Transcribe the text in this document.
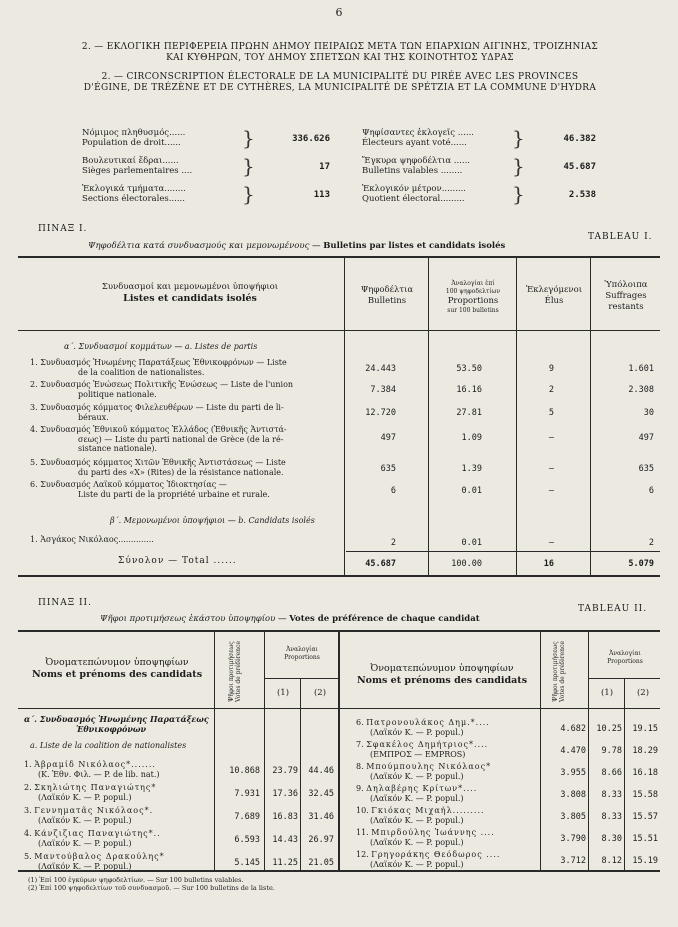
6
2. — ΕΚΛΟΓΙΚΗ ΠΕΡΙΦΕΡΕΙΑ ΠΡΩΗΝ ΔΗΜΟΥ ΠΕΙΡΑΙΩΣ ΜΕΤΑ ΤΩΝ ΕΠΑΡΧΙΩΝ ΑΙΓΙΝΗΣ, ΤΡΟΙΖΗΝΙΑΣ
ΚΑΙ ΚΥΘΗΡΩΝ, ΤΟΥ ΔΗΜΟΥ ΣΠΕΤΣΩΝ ΚΑΙ ΤΗΣ ΚΟΙΝΟΤΗΤΟΣ ΥΔΡΑΣ
2. — CIRCONSCRIPTION ÉLECTORALE DE LA MUNICIPALITÉ DU PIRÉE AVEC LES PROVINCES
D'ÉGINE, DE TRÉZÈNE ET DE CYTHÈRES, LA MUNICIPALITÉ DE SPÉTZIA ET LA COMMUNE D'HYDRA
Νόμιμος πληθυσμός......
Population de droit......	}	336.626
Βουλευτικαί ἕδραι......
Sièges parlementaires ....	}	17
Ἐκλογικά τμήματα........
Sections électorales......	}	113
Ψηφίσαντες ἐκλογεῖς ......
Électeurs ayant voté......	}	46.382
Ἔγκυρα ψηφοδέλτια ......
Bulletins valables ........	}	45.687
Ἐκλογικόν μέτρον.........
Quotient électoral.........	}	2.538
ΠΙΝΑΞ Ι.
TABLEAU I.
Ψηφοδέλτια κατά συνδυασμούς και μεμονωμένους — Bulletins par listes et candidats isolés
Συνδυασμοί και μεμονωμένοι ὑποψήφιοι
Listes et candidats isolés
Ψηφοδέλτια
Bulletins
Ἀναλογίαι ἐπί
100 ψηφοδελτίων
Proportions
sur 100 bulletins
Ἐκλεγόμενοι
Élus
Ὑπόλοιπα
Suffrages
restants
α΄. Συνδυασμοί κομμάτων — a. Listes de partis
1. Συνδυασμός Ἡνωμένης Παρατάξεως Ἐθνικοφρόνων — Liste
de la coalition de nationalistes.	24.443	53.50	9	1.601
2. Συνδυασμός Ἑνώσεως Πολιτικῆς Ἑνώσεως — Liste de l'union
politique nationale.	7.384	16.16	2	2.308
3. Συνδυασμός κόμματος Φιλελευθέρων — Liste du parti de li-
béraux.	12.720	27.81	5	30
4. Συνδυασμός Ἐθνικοῦ κόμματος Ἑλλάδος (Ἐθνικῆς Ἀντιστά-
σεως) — Liste du parti national de Grèce (de la ré-
sistance nationale).
497	1.09	—	497
5. Συνδυασμός κόμματος Χιτῶν Ἐθνικῆς Ἀντιστάσεως — Liste
du parti des «X» (Rites) de la résistance nationale.	635	1.39	—	635
6. Συνδυασμός Λαϊκοῦ κόμματος Ἰδιοκτησίας —
Liste du parti de la propriété urbaine et rurale.	6	0.01	—	6
β΄. Μεμονωμένοι ὑποψήφιοι — b. Candidats isolés
1. Ἀσγάκος Νικόλαος..............	2	0.01	—	2
Σύνολον — Total ......	45.687	100.00	16	5.079
ΠΙΝΑΞ ΙΙ.
TABLEAU II.
Ψῆφοι προτιμήσεως ἑκάστου ὑποψηφίου — Votes de préférence de chaque candidat
Ὀνοματεπώνυμον ὑποψηφίων
Noms et prénoms des candidats	Ψῆφοι προτιμήσεως Votes de préférence	Ἀναλογίαι
Proportions
(1)	(2)
Ὀνοματεπώνυμον ὑποψηφίων
Noms et prénoms des candidats	Ψῆφοι προτιμήσεως Votes de préférence	Ἀναλογίαι
Proportions
(1)	(2)
α΄. Συνδυασμός Ἡνωμένης Παρατάξεως
Ἐθνικοφρόνων
a. Liste de la coalition de nationalistes
1. Ἀβραμίδ Νικόλαος*.......
(Κ. Ἐθν. Φιλ. — P. de lib. nat.)	10.868	23.79	44.46
2. Σκηλιώτης Παναγιώτης*
(Λαϊκόν Κ. — P. popul.)	7.931	17.36	32.45
3. Γεννηματᾶς Νικόλαος*.
(Λαϊκόν Κ. — P. popul.)	7.689	16.83	31.46
4. Κάνζιζιας Παναγιώτης*..
(Λαϊκόν Κ. — P. popul.)	6.593	14.43	26.97
5. Μαντούβαλος Δρακούλης*
(Λαϊκόν Κ. — P. popul.)	5.145	11.25	21.05
6. Πατρονουλάκος Δημ.*....
(Λαϊκόν Κ. — P. popul.)	4.682	10.25	19.15
7. Σφακέλος Δημήτριος*....
(ΕΜΠΡΟΣ — EMPROS)	4.470	9.78	18.29
8. Μπούμπουλης Νικόλαος*
(Λαϊκόν Κ. — P. popul.)	3.955	8.66	16.18
9. Δηλαβέρης Κρίτων*....
(Λαϊκόν Κ. — P. popul.)	3.808	8.33	15.58
10. Γκιόκας Μιχαήλ.........
(Λαϊκόν Κ. — P. popul.)	3.805	8.33	15.57
11. Μπιρδούλης Ἰωάννης ....
(Λαϊκόν Κ. — P. popul.)	3.790	8.30	15.51
12. Γρηγοράκης Θεόδωρος ....
(Λαϊκόν Κ. — P. popul.)	3.712	8.12	15.19
(1) Ἐπί 100 ἐγκύρων ψηφοδελτίων. — Sur 100 bulletins valables.
(2) Ἐπί 100 ψηφοδελτίων τοῦ συνδυασμοῦ. — Sur 100 bulletins de la liste.
